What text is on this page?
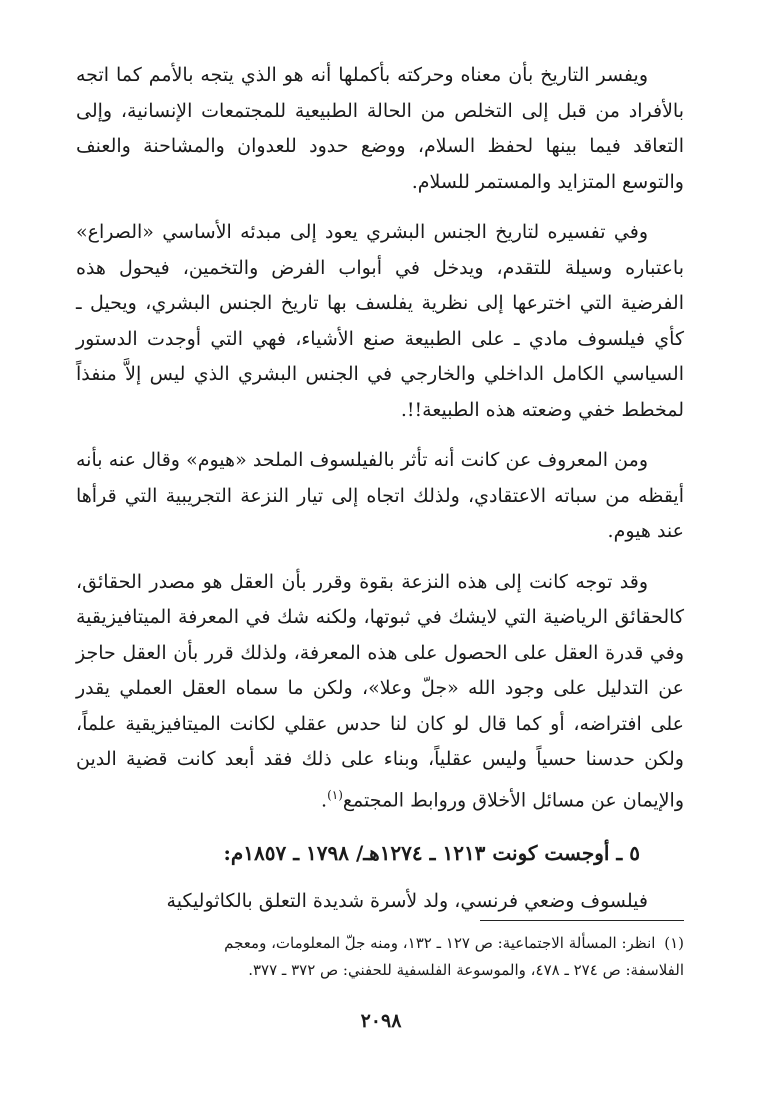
ويفسر التاريخ بأن معناه وحركته بأكملها أنه هو الذي يتجه بالأمم كما اتجه بالأفراد من قبل إلى التخلص من الحالة الطبيعية للمجتمعات الإنسانية، وإلى التعاقد فيما بينها لحفظ السلام، ووضع حدود للعدوان والمشاحنة والعنف والتوسع المتزايد والمستمر للسلام.

وفي تفسيره لتاريخ الجنس البشري يعود إلى مبدئه الأساسي «الصراع» باعتباره وسيلة للتقدم، ويدخل في أبواب الفرض والتخمين، فيحول هذه الفرضية التي اخترعها إلى نظرية يفلسف بها تاريخ الجنس البشري، ويحيل ـ كأي فيلسوف مادي ـ على الطبيعة صنع الأشياء، فهي التي أوجدت الدستور السياسي الكامل الداخلي والخارجي في الجنس البشري الذي ليس إلاَّ منفذاً لمخطط خفي وضعته هذه الطبيعة!!.

ومن المعروف عن كانت أنه تأثر بالفيلسوف الملحد «هيوم» وقال عنه بأنه أيقظه من سباته الاعتقادي، ولذلك اتجاه إلى تيار النزعة التجريبية التي قرأها عند هيوم.

وقد توجه كانت إلى هذه النزعة بقوة وقرر بأن العقل هو مصدر الحقائق، كالحقائق الرياضية التي لايشك في ثبوتها، ولكنه شك في المعرفة الميتافيزيقية وفي قدرة العقل على الحصول على هذه المعرفة، ولذلك قرر بأن العقل حاجز عن التدليل على وجود الله «جلّ وعلا»، ولكن ما سماه العقل العملي يقدر على افتراضه، أو كما قال لو كان لنا حدس عقلي لكانت الميتافيزيقية علماً، ولكن حدسنا حسياً وليس عقلياً، وبناء على ذلك فقد أبعد كانت قضية الدين والإيمان عن مسائل الأخلاق وروابط المجتمع$^{(١)}$.

٥ ـ أوجست كونت ١٢١٣ ـ ١٢٧٤هـ/ ١٧٩٨ ـ ١٨٥٧م:

فيلسوف وضعي فرنسي، ولد لأسرة شديدة التعلق بالكاثوليكية

(١) انظر: المسألة الاجتماعية: ص ١٢٧ ـ ١٣٢، ومنه جلّ المعلومات، ومعجم
الفلاسفة: ص ٢٧٤ ـ ٤٧٨، والموسوعة الفلسفية للحفني: ص ٣٧٢ ـ ٣٧٧.
٢٠٩٨
